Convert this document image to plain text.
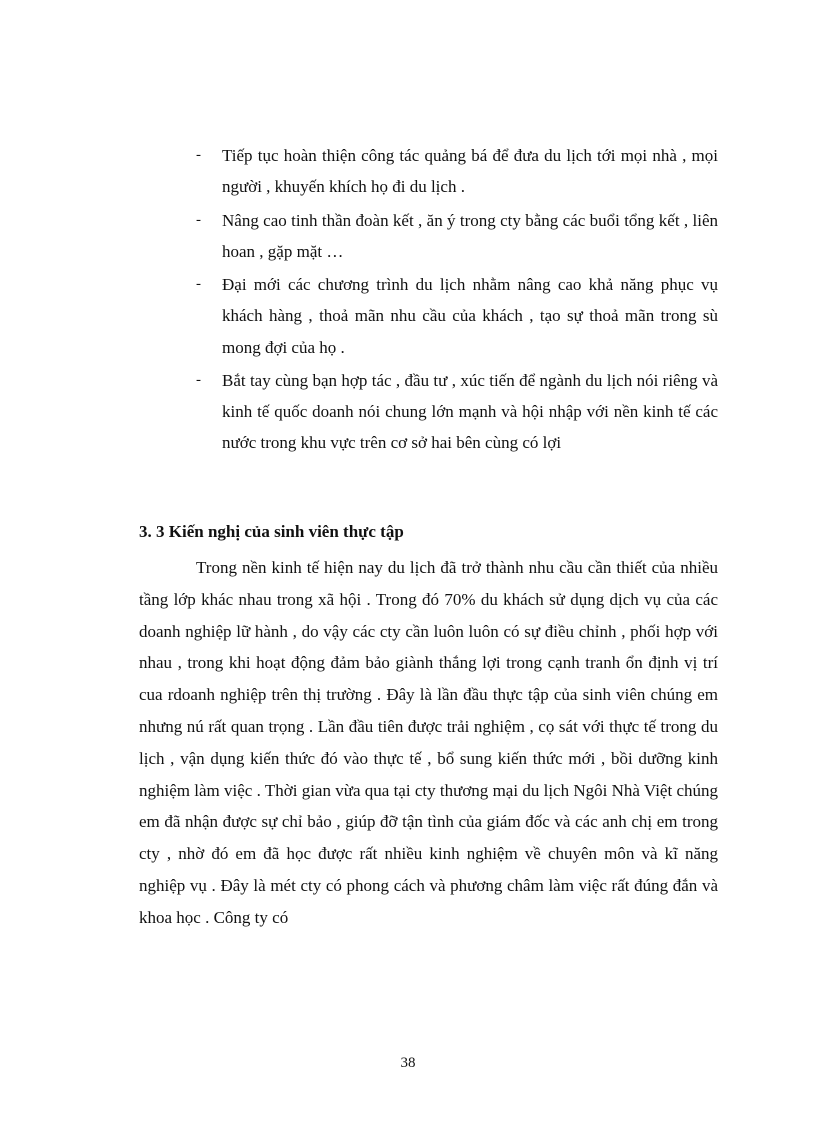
- Tiếp tục hoàn thiện công tác quảng bá để đưa du lịch tới mọi nhà , mọi người , khuyến khích họ đi du lịch .
- Nâng cao tinh thần đoàn kết , ăn ý trong cty bằng các buổi tổng kết , liên hoan , gặp mặt …
- Đại mới các chương trình du lịch nhằm nâng cao khả năng phục vụ khách hàng , thoả mãn nhu cầu của khách , tạo sự thoả mãn trong sù mong đợi của họ .
- Bắt tay cùng bạn hợp tác , đầu tư , xúc tiến để ngành du lịch nói riêng và kinh tế quốc doanh nói chung lớn mạnh và hội nhập với nền kinh tế các nước trong khu vực trên cơ sở hai bên cùng có lợi
3. 3 Kiến nghị của sinh viên thực tập

Trong nền kinh tế hiện nay du lịch đã trở thành nhu cầu cần thiết của nhiều tầng lớp khác nhau trong xã hội . Trong đó 70% du khách sử dụng dịch vụ của các doanh nghiệp lữ hành , do vậy các cty cần luôn luôn có sự điều chỉnh , phối hợp với nhau , trong khi hoạt động đảm bảo giành thắng lợi trong cạnh tranh ổn định vị trí cua rdoanh nghiệp trên thị trường . Đây là lần đầu thực tập của sinh viên chúng em nhưng nú rất quan trọng . Lần đầu tiên được trải nghiệm , cọ sát với thực tế trong du lịch , vận dụng kiến thức đó vào thực tế , bổ sung kiến thức mới , bồi dưỡng kinh nghiệm làm việc . Thời gian vừa qua tại cty thương mại du lịch Ngôi Nhà Việt chúng em đã nhận được sự chỉ bảo , giúp đỡ tận tình của giám đốc và các anh chị em trong cty , nhờ đó em đã học được rất nhiều kinh nghiệm về chuyên môn và kĩ năng nghiệp vụ . Đây là mét cty có phong cách và phương châm làm việc rất đúng đắn và khoa học . Công ty có

38
